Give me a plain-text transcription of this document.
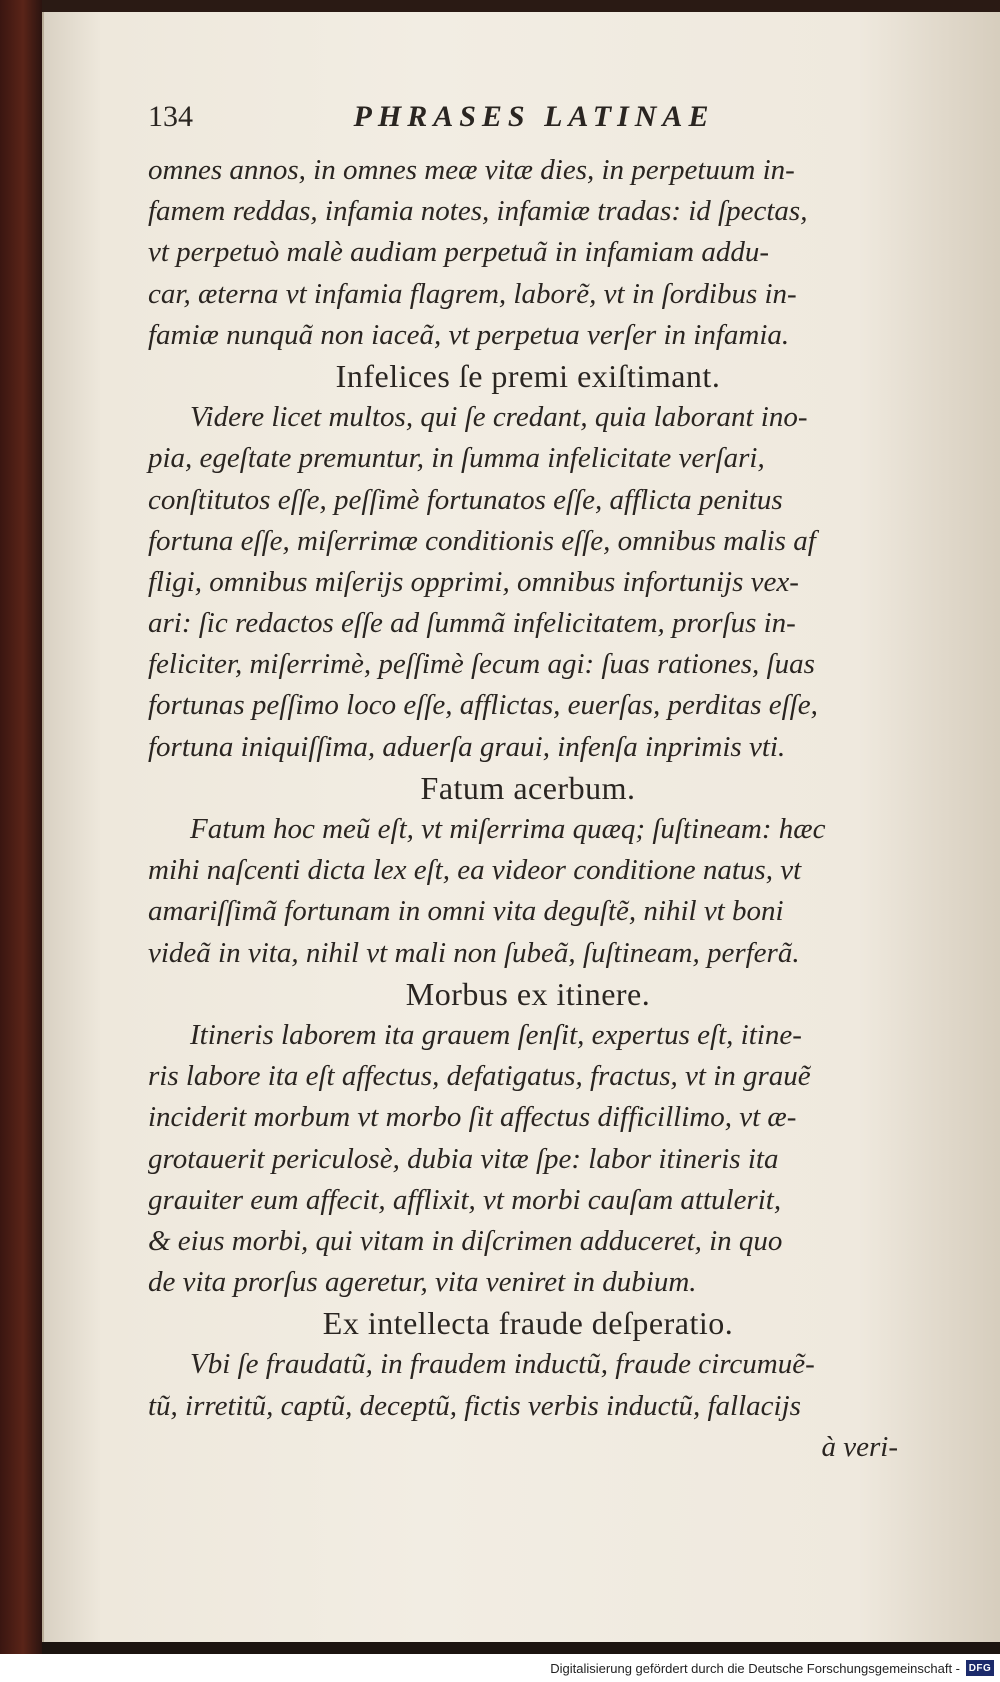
134	PHRASES LATINAE
omnes annos, in omnes meæ vitæ dies, in perpetuum in-
famem reddas, infamia notes, infamiæ tradas: id ſpectas,
vt perpetuò malè audiam perpetuã in infamiam addu-
car, æterna vt infamia flagrem, laborẽ, vt in ſordibus in-
famiæ nunquã non iaceã, vt perpetua verſer in infamia.
Infelices ſe premi exiſtimant.
Videre licet multos, qui ſe credant, quia laborant ino-
pia, egeſtate premuntur, in ſumma infelicitate verſari,
conſtitutos eſſe, peſſimè fortunatos eſſe, afflicta penitus
fortuna eſſe, miſerrimæ conditionis eſſe, omnibus malis af
fligi, omnibus miſerijs opprimi, omnibus infortunijs vex-
ari: ſic redactos eſſe ad ſummã infelicitatem, prorſus in-
feliciter, miſerrimè, peſſimè ſecum agi: ſuas rationes, ſuas
fortunas peſſimo loco eſſe, afflictas, euerſas, perditas eſſe,
fortuna iniquiſſima, aduerſa graui, infenſa inprimis vti.
Fatum acerbum.
Fatum hoc meũ eſt, vt miſerrima quæq; ſuſtineam: hæc
mihi naſcenti dicta lex eſt, ea videor conditione natus, vt
amariſſimã fortunam in omni vita deguſtẽ, nihil vt boni
videã in vita, nihil vt mali non ſubeã, ſuſtineam, perferã.
Morbus ex itinere.
Itineris laborem ita grauem ſenſit, expertus eſt, itine-
ris labore ita eſt affectus, defatigatus, fractus, vt in grauẽ
inciderit morbum vt morbo ſit affectus difficillimo, vt æ-
grotauerit periculosè, dubia vitæ ſpe: labor itineris ita
grauiter eum affecit, afflixit, vt morbi cauſam attulerit,
& eius morbi, qui vitam in diſcrimen adduceret, in quo
de vita prorſus ageretur, vita veniret in dubium.
Ex intellecta fraude deſperatio.
Vbi ſe fraudatũ, in fraudem inductũ, fraude circumuẽ-
tũ, irretitũ, captũ, deceptũ, fictis verbis inductũ, fallacijs
à veri-
Digitalisierung gefördert durch die Deutsche Forschungsgemeinschaft - DFG
